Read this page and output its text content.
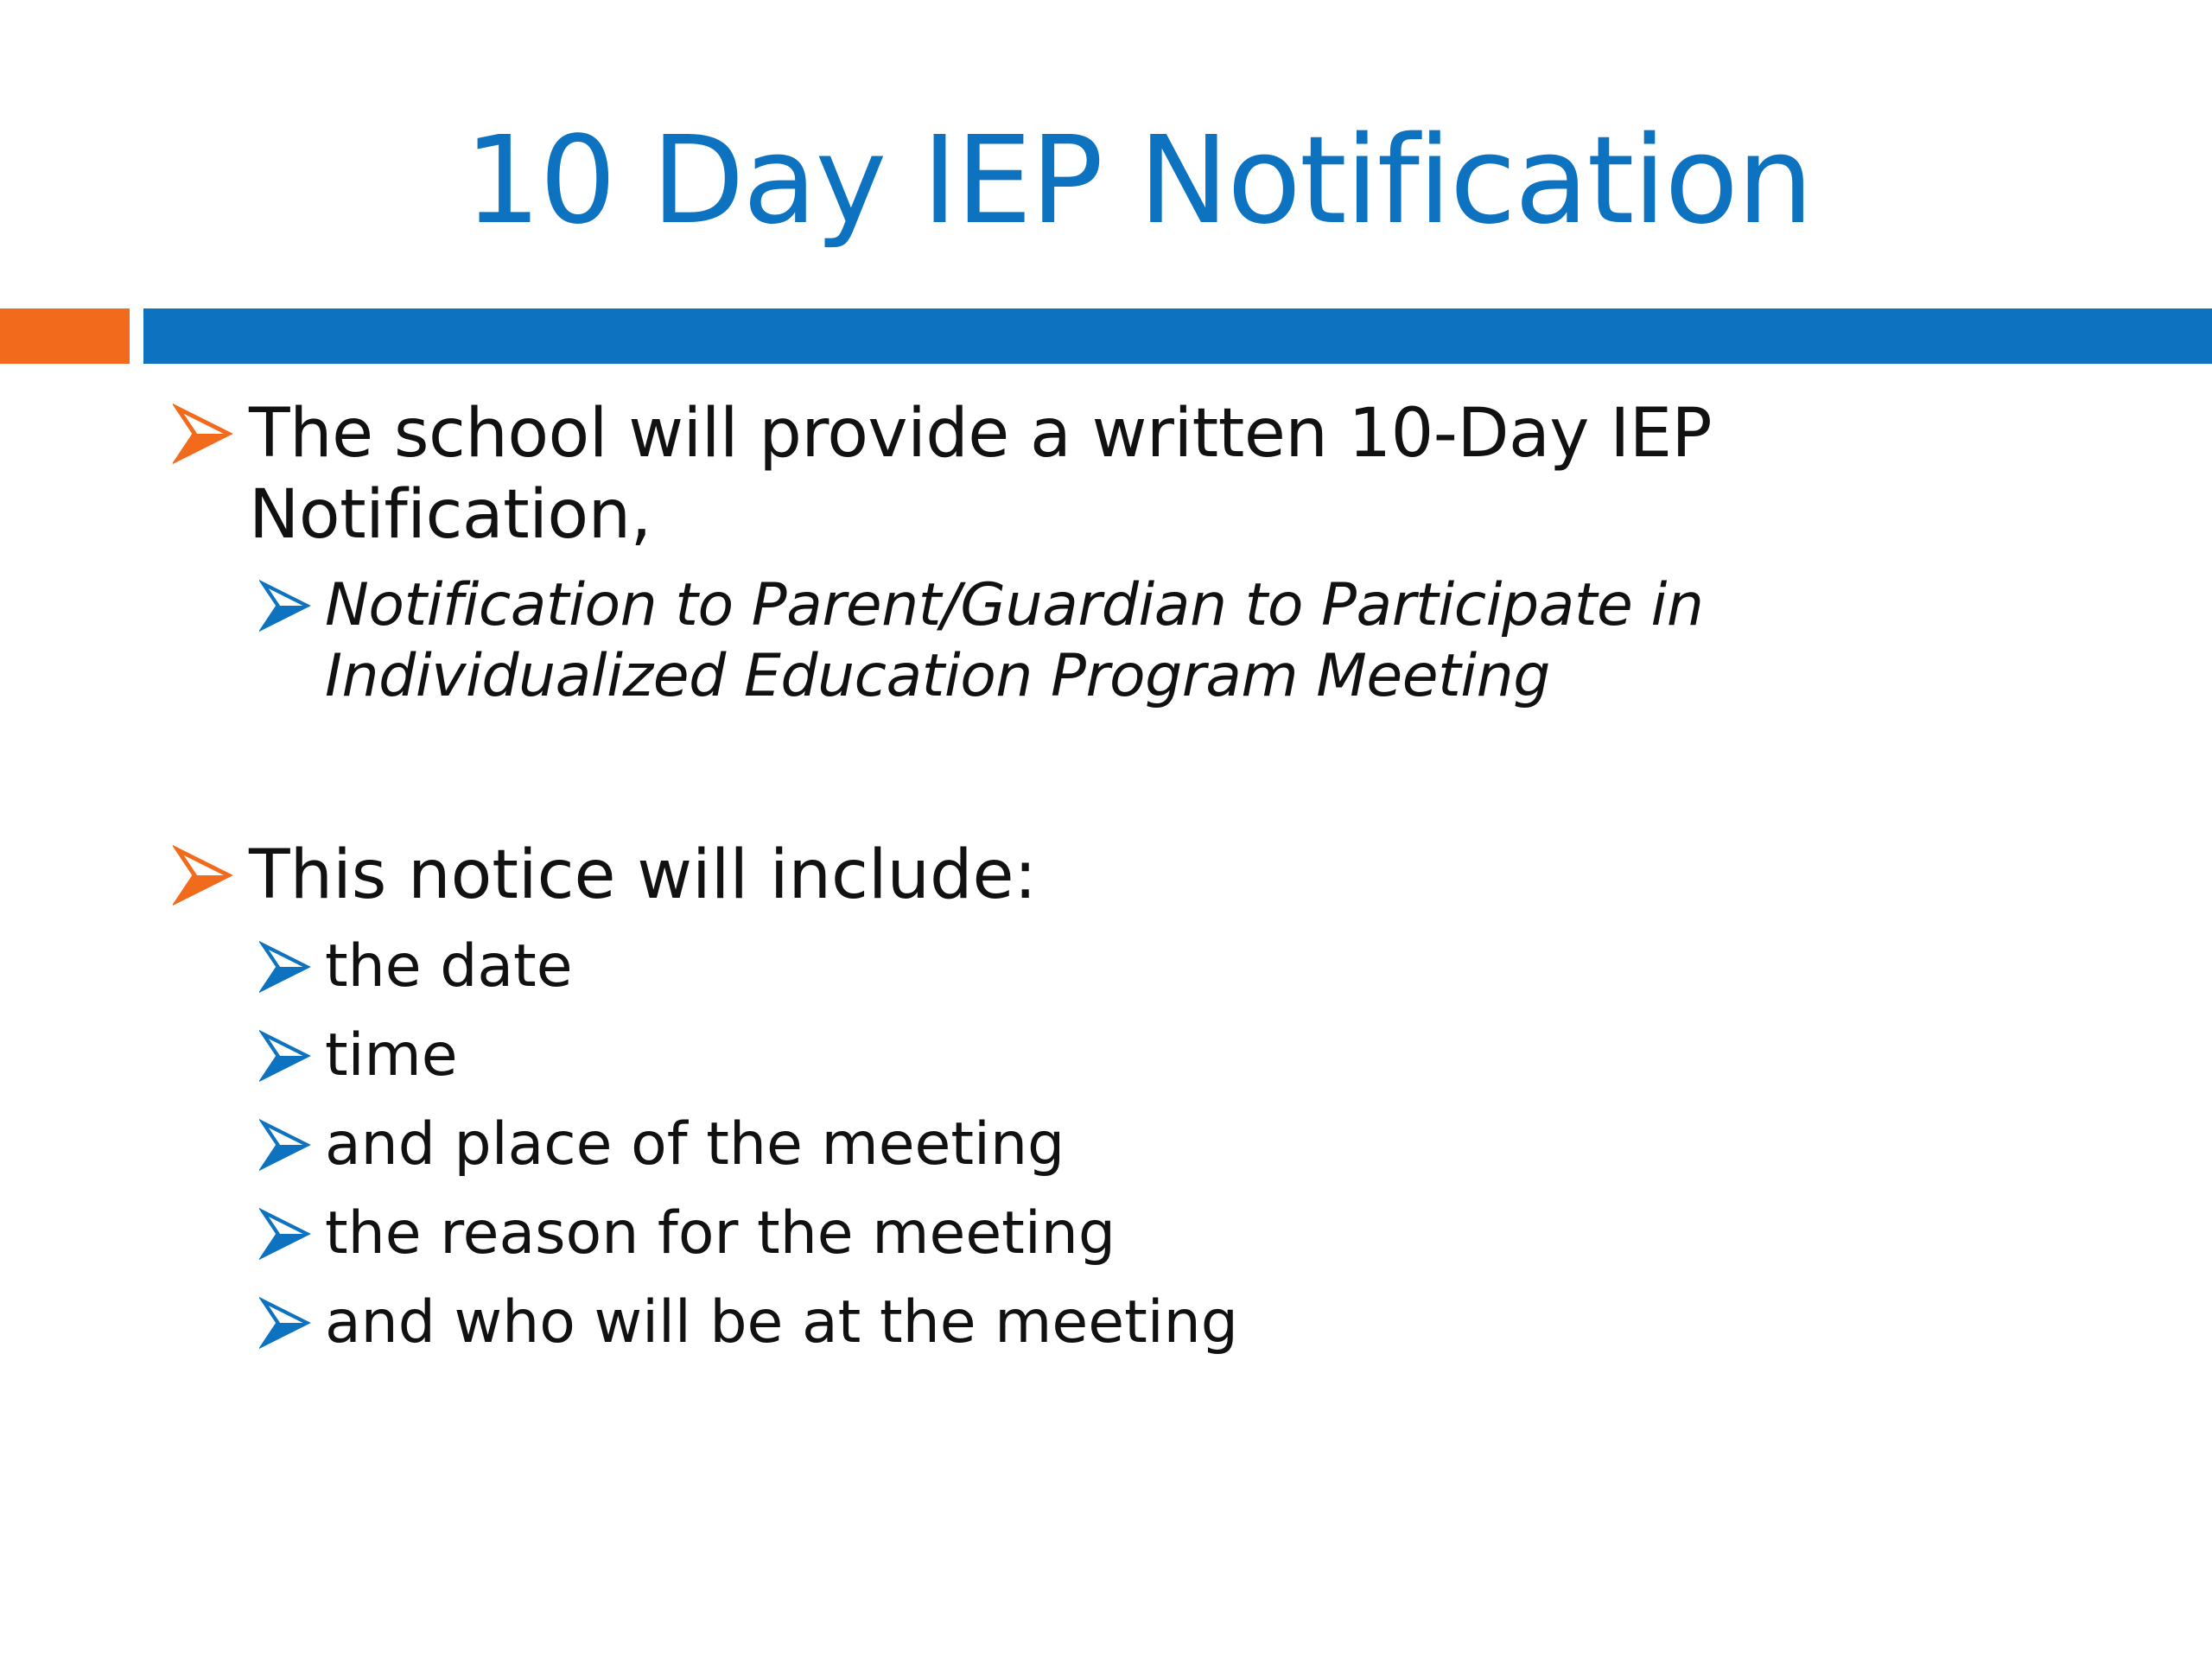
10 Day IEP Notification
The school will provide a written 10-Day IEP Notification,
Notification to Parent/Guardian to Participate in Individualized Education Program Meeting
This notice will include:
the date
time
and place of the meeting
the reason for the meeting
and who will be at the meeting
